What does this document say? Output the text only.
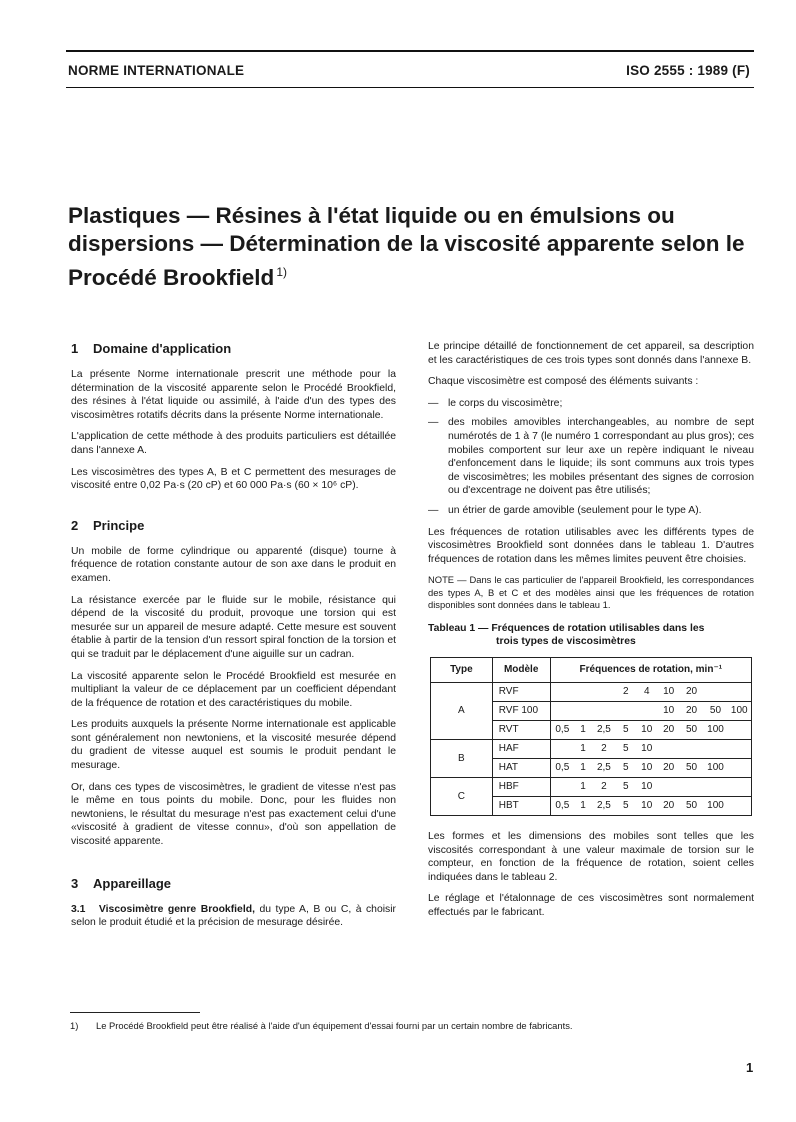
NORME INTERNATIONALE	ISO 2555 : 1989 (F)
Plastiques — Résines à l'état liquide ou en émulsions ou dispersions — Détermination de la viscosité apparente selon le Procédé Brookfield $^{1)}$
1 Domaine d'application

La présente Norme internationale prescrit une méthode pour la détermination de la viscosité apparente selon le Procédé Brookfield, des résines à l'état liquide ou assimilé, à l'aide d'un des types des viscosimètres rotatifs décrits dans la présente Norme internationale.

L'application de cette méthode à des produits particuliers est détaillée dans l'annexe A.

Les viscosimètres des types A, B et C permettent des mesurages de viscosité entre 0,02 Pa·s (20 cP) et 60 000 Pa·s (60 × 10⁶ cP).

2 Principe

Un mobile de forme cylindrique ou apparenté (disque) tourne à fréquence de rotation constante autour de son axe dans le produit en examen.

La résistance exercée par le fluide sur le mobile, résistance qui dépend de la viscosité du produit, provoque une torsion qui est mesurée sur un appareil de mesure adapté. Cette mesure est souvent établie à partir de la tension d'un ressort spiral fonction de la torsion et qui se traduit par le déplacement d'une aiguille sur un cadran.

La viscosité apparente selon le Procédé Brookfield est mesurée en multipliant la valeur de ce déplacement par un coefficient dépendant de la fréquence de rotation et des caractéristiques du mobile.

Les produits auxquels la présente Norme internationale est applicable sont généralement non newtoniens, et la viscosité mesurée dépend du gradient de vitesse auquel est soumis le produit pendant le mesurage.

Or, dans ces types de viscosimètres, le gradient de vitesse n'est pas le même en tous points du mobile. Donc, pour les fluides non newtoniens, le résultat du mesurage n'est pas exactement celui d'une «viscosité à gradient de vitesse connu», d'où son appellation de viscosité apparente.

3 Appareillage

3.1 Viscosimètre genre Brookfield, du type A, B ou C, à choisir selon le produit étudié et la précision de mesurage désirée.

Le principe détaillé de fonctionnement de cet appareil, sa description et les caractéristiques de ces trois types sont donnés dans l'annexe B.

Chaque viscosimètre est composé des éléments suivants :

— le corps du viscosimètre;
— des mobiles amovibles interchangeables, au nombre de sept numérotés de 1 à 7 (le numéro 1 correspondant au plus gros); ces mobiles comportent sur leur axe un repère indiquant le niveau d'enfoncement dans le liquide; ils sont communs aux trois types de viscosimètres; les mobiles présentant des signes de corrosion ou d'excentrage ne doivent pas être utilisés;
— un étrier de garde amovible (seulement pour le type A).

Les fréquences de rotation utilisables avec les différents types de viscosimètres Brookfield sont données dans le tableau 1. D'autres fréquences de rotation dans les mêmes limites peuvent être choisies.

NOTE — Dans le cas particulier de l'appareil Brookfield, les correspondances des types A, B et C et des modèles ainsi que les fréquences de rotation disponibles sont données dans le tableau 1.

Tableau 1 — Fréquences de rotation utilisables dans les
trois types de viscosimètres
Type	Modèle	Fréquences de rotation, min⁻¹								
A	RVF				2	4	10	20		
	RVF 100						10	20	50	100
	RVT	0,5	1	2,5	5	10	20	50	100	
B	HAF		1	2	5	10				
	HAT	0,5	1	2,5	5	10	20	50	100	
C	HBF		1	2	5	10				
	HBT	0,5	1	2,5	5	10	20	50	100	

Les formes et les dimensions des mobiles sont telles que les viscosités correspondant à une valeur maximale de torsion sur le compteur, en fonction de la fréquence de rotation, soient celles indiquées dans le tableau 2.

Le réglage et l'étalonnage de ces viscosimètres sont normalement effectués par le fabricant.

1) Le Procédé Brookfield peut être réalisé à l'aide d'un équipement d'essai fourni par un certain nombre de fabricants.
1
